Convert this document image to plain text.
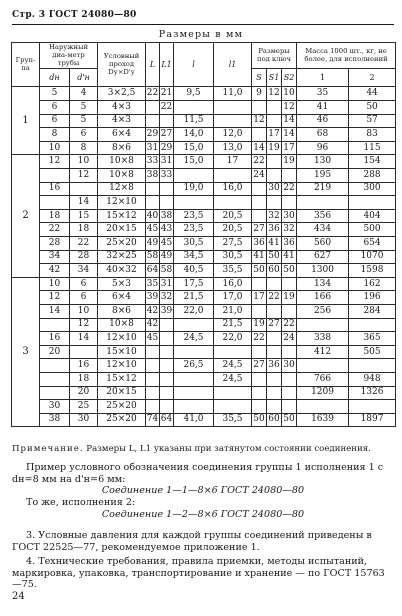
Стр. 3 ГОСТ 24080—80
Размеры в мм
Груп-па	Наружный диа-метр трубы		Условный проход Dу×D'у	L	L1	l	l1	Размеры под ключ			Масса 1000 шт., кг, не более, для исполнений	
	dн	d'н						S	S1	S2	1	2
1	5	4	3×2,5	22	21	9,5	11,0	9	12	10	35	44
	6	5	4×3		22					12	41	50
	6	5	4×3			11,5		12		14	46	57
	8	6	6×4	29	27	14,0	12,0		17	14	68	83
	10	8	8×6	31	29	15,0	13,0	14	19	17	96	115
2	12	10	10×8	33	31	15,0	17	22		19	130	154
		12	10×8	38	33			24			195	288
	16		12×8			19,0	16,0		30	22	219	300
		14	12×10									
	18	15	15×12	40	38	23,5	20,5		32	30	356	404
	22	18	20×15	45	43	23,5	20,5	27	36	32	434	500
	28	22	25×20	49	45	30,5	27,5	36	41	36	560	654
	34	28	32×25	58	49	34,5	30,5	41	50	41	627	1070
	42	34	40×32	64	58	40,5	35,5	50	60	50	1300	1598
3	10	6	5×3	35	31	17,5	16,0				134	162
	12	6	6×4	39	32	21,5	17,0	17	22	19	166	196
	14	10	8×6	42	39	22,0	21,0				256	284
		12	10×8	42			21,5	19	27	22		
	16	14	12×10	45		24,5	22,0	22		24	338	365
	20		15×10								412	505
		16	12×10			26,5	24,5	27	36	30		
		18	15×12				24,5				766	948
		20	20×15								1209	1326
	30	25	25×20									
	38	30	25×20	74	64	41,0	35,5	50	60	50	1639	1897
Примечание. Размеры L, L1 указаны при затянутом состоянии соединения.
Пример условного обозначения соединения группы 1 исполнения 1 с dн=8 мм на d'н=6 мм:
Соединение 1—1—8×6 ГОСТ 24080—80
То же, исполнения 2:
Соединение 1—2—8×6 ГОСТ 24080—80
3. Условные давления для каждой группы соединений приведены в ГОСТ 22525—77, рекомендуемое приложение 1.
4. Технические требования, правила приемки, методы испытаний, маркировка, упаковка, транспортирование и хранение — по ГОСТ 15763—75.
24
